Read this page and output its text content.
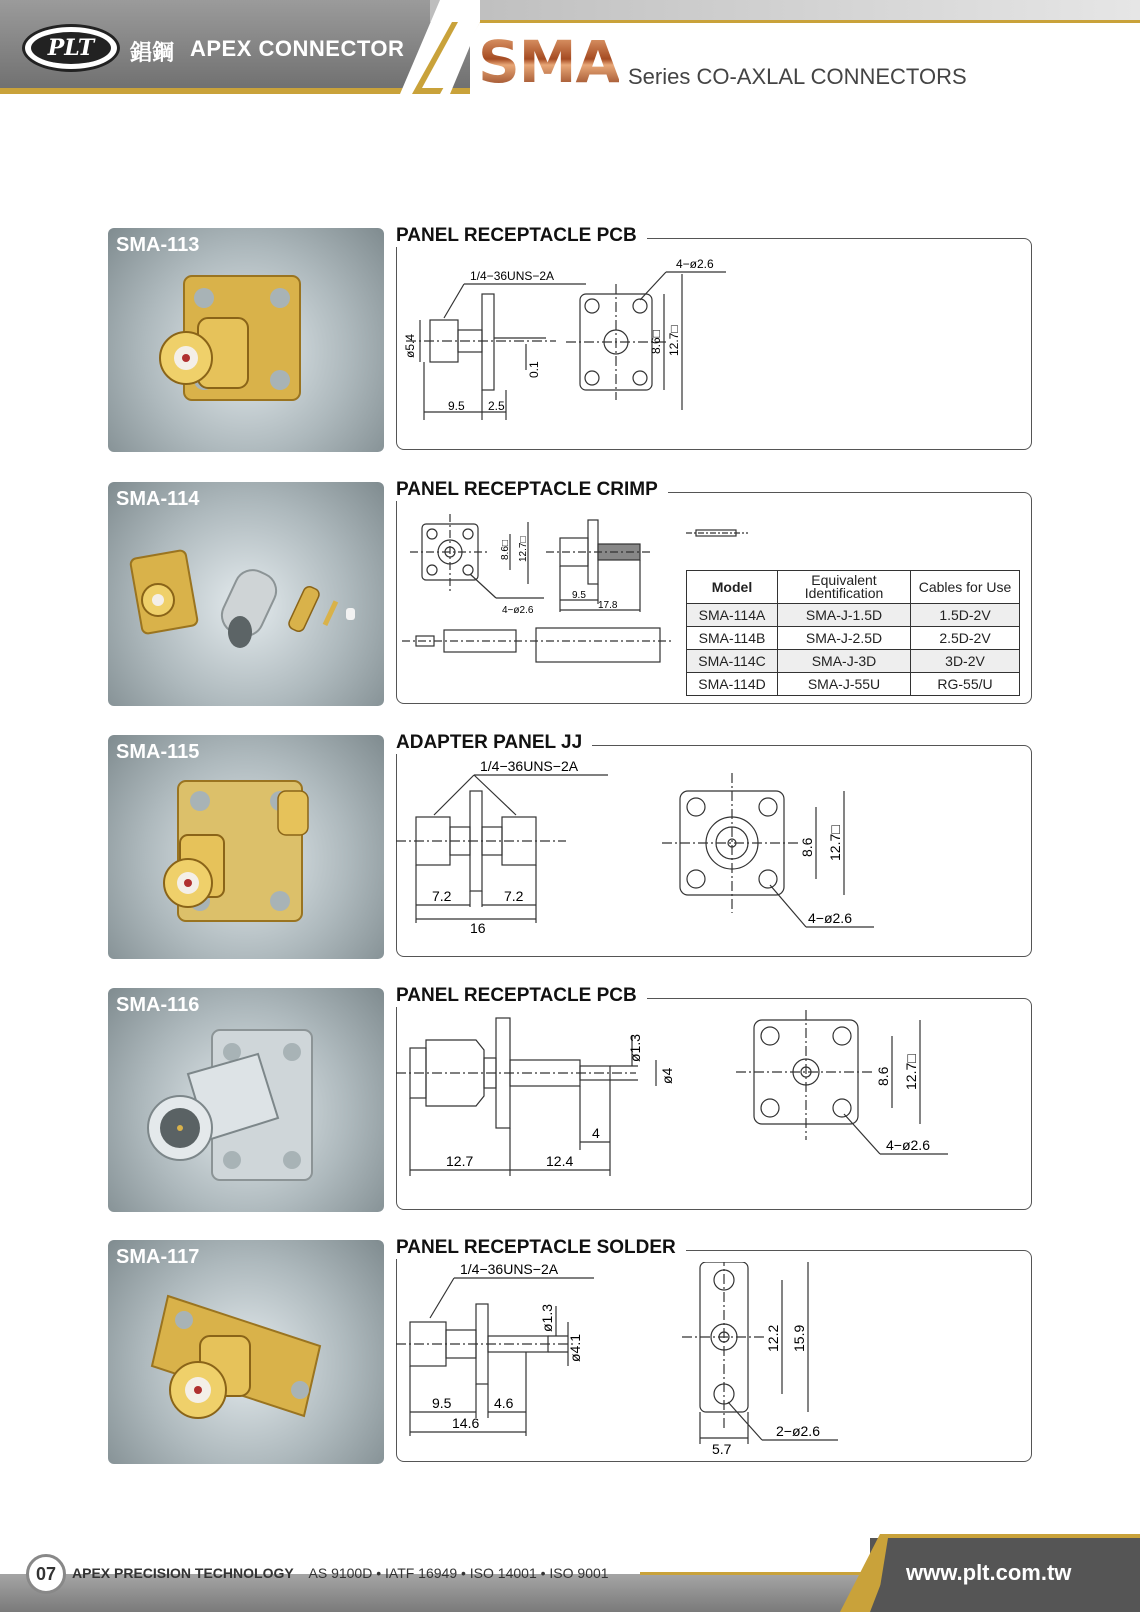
PLT	錩鋼 APEX CONNECTOR SMA Series CO-AXLAL CONNECTORS
SMA-113	PANEL RECEPTACLE PCB
1/4−36UNS−2A
4−ø2.6
ø5.4
0.1
8.6□ 12.7□
9.5 2.5
SMA-114	PANEL RECEPTACLE CRIMP
8.6□ 12.7□
4−ø2.6
9.5
17.8
Model	Equivalent Identification	Cables for Use
SMA-114A	SMA-J-1.5D	1.5D-2V
SMA-114B	SMA-J-2.5D	2.5D-2V
SMA-114C	SMA-J-3D	3D-2V
SMA-114D	SMA-J-55U	RG-55/U
SMA-115	ADAPTER PANEL JJ
1/4−36UNS−2A
7.2	7.2
16
8.6 12.7□
4−ø2.6
SMA-116	PANEL RECEPTACLE PCB
ø1.3
ø4
4
12.7	12.4
8.6 12.7□
4−ø2.6
SMA-117	PANEL RECEPTACLE SOLDER
1/4−36UNS−2A
ø1.3
ø4.1
9.5	4.6
14.6
12.2 15.9
5.7
2−ø2.6
07	APEX PRECISION TECHNOLOGY AS 9100D • IATF 16949 • ISO 14001 • ISO 9001	www.plt.com.tw
